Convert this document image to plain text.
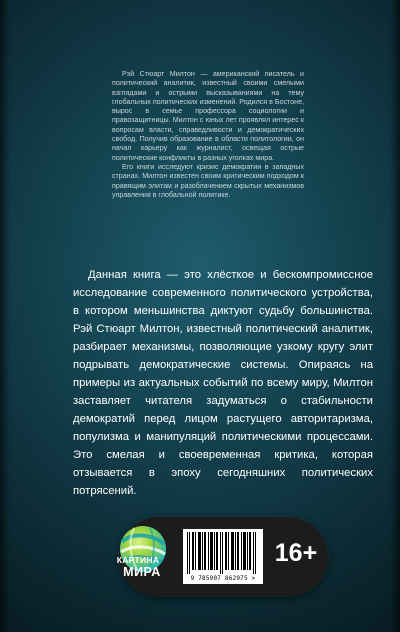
Рэй Стюарт Милтон — американский писатель и политический аналитик, известный своими смелыми взглядами и острыми высказываниями на тему глобальных политических изменений. Родился в Бостоне, вырос в семье профессора социологии и правозащитницы. Милтон с юных лет проявлял интерес к вопросам власти, справедливости и демократических свобод. Получив образование в области политологии, он начал карьеру как журналист, освещая острые политические конфликты в разных уголках мира.

Его книги исследуют кризис демократии в западных странах. Милтон известен своим критическим подходом к правящим элитам и разоблачением скрытых механизмов управления в глобальной политике.

Данная книга — это хлёсткое и бескомпромиссное исследование современного политического устройства, в котором меньшинства диктуют судьбу большинства. Рэй Стюарт Милтон, известный политический аналитик, разбирает механизмы, позволяющие узкому кругу элит подрывать демократические системы. Опираясь на примеры из актуальных событий по всему миру, Милтон заставляет читателя задуматься о стабильности демократий перед лицом растущего авторитаризма, популизма и манипуляций политическими процессами. Это смелая и своевременная критика, которая отзывается в эпоху сегодняшних политических потрясений.

КАРТИНА
МИРА	9 785907 862975 >
16+
